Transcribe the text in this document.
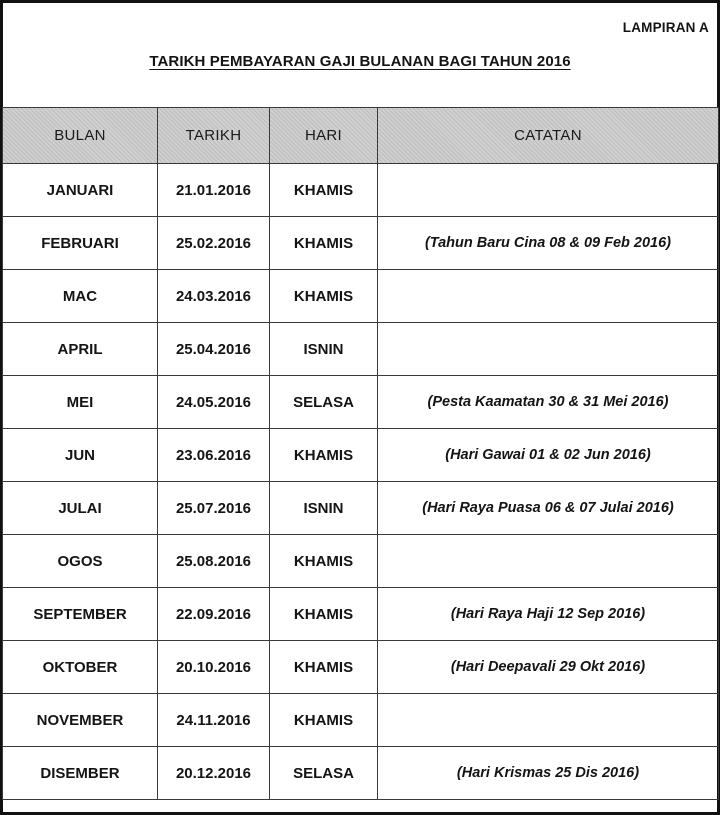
LAMPIRAN A
TARIKH PEMBAYARAN GAJI BULANAN BAGI TAHUN 2016
BULAN	TARIKH	HARI	CATATAN
JANUARI	21.01.2016	KHAMIS	
FEBRUARI	25.02.2016	KHAMIS	(Tahun Baru Cina 08 & 09 Feb 2016)
MAC	24.03.2016	KHAMIS	
APRIL	25.04.2016	ISNIN	
MEI	24.05.2016	SELASA	(Pesta Kaamatan 30 & 31 Mei 2016)
JUN	23.06.2016	KHAMIS	(Hari Gawai 01 & 02 Jun 2016)
JULAI	25.07.2016	ISNIN	(Hari Raya Puasa 06 & 07 Julai 2016)
OGOS	25.08.2016	KHAMIS	
SEPTEMBER	22.09.2016	KHAMIS	(Hari Raya Haji 12 Sep 2016)
OKTOBER	20.10.2016	KHAMIS	(Hari Deepavali 29 Okt 2016)
NOVEMBER	24.11.2016	KHAMIS	
DISEMBER	20.12.2016	SELASA	(Hari Krismas 25 Dis 2016)
